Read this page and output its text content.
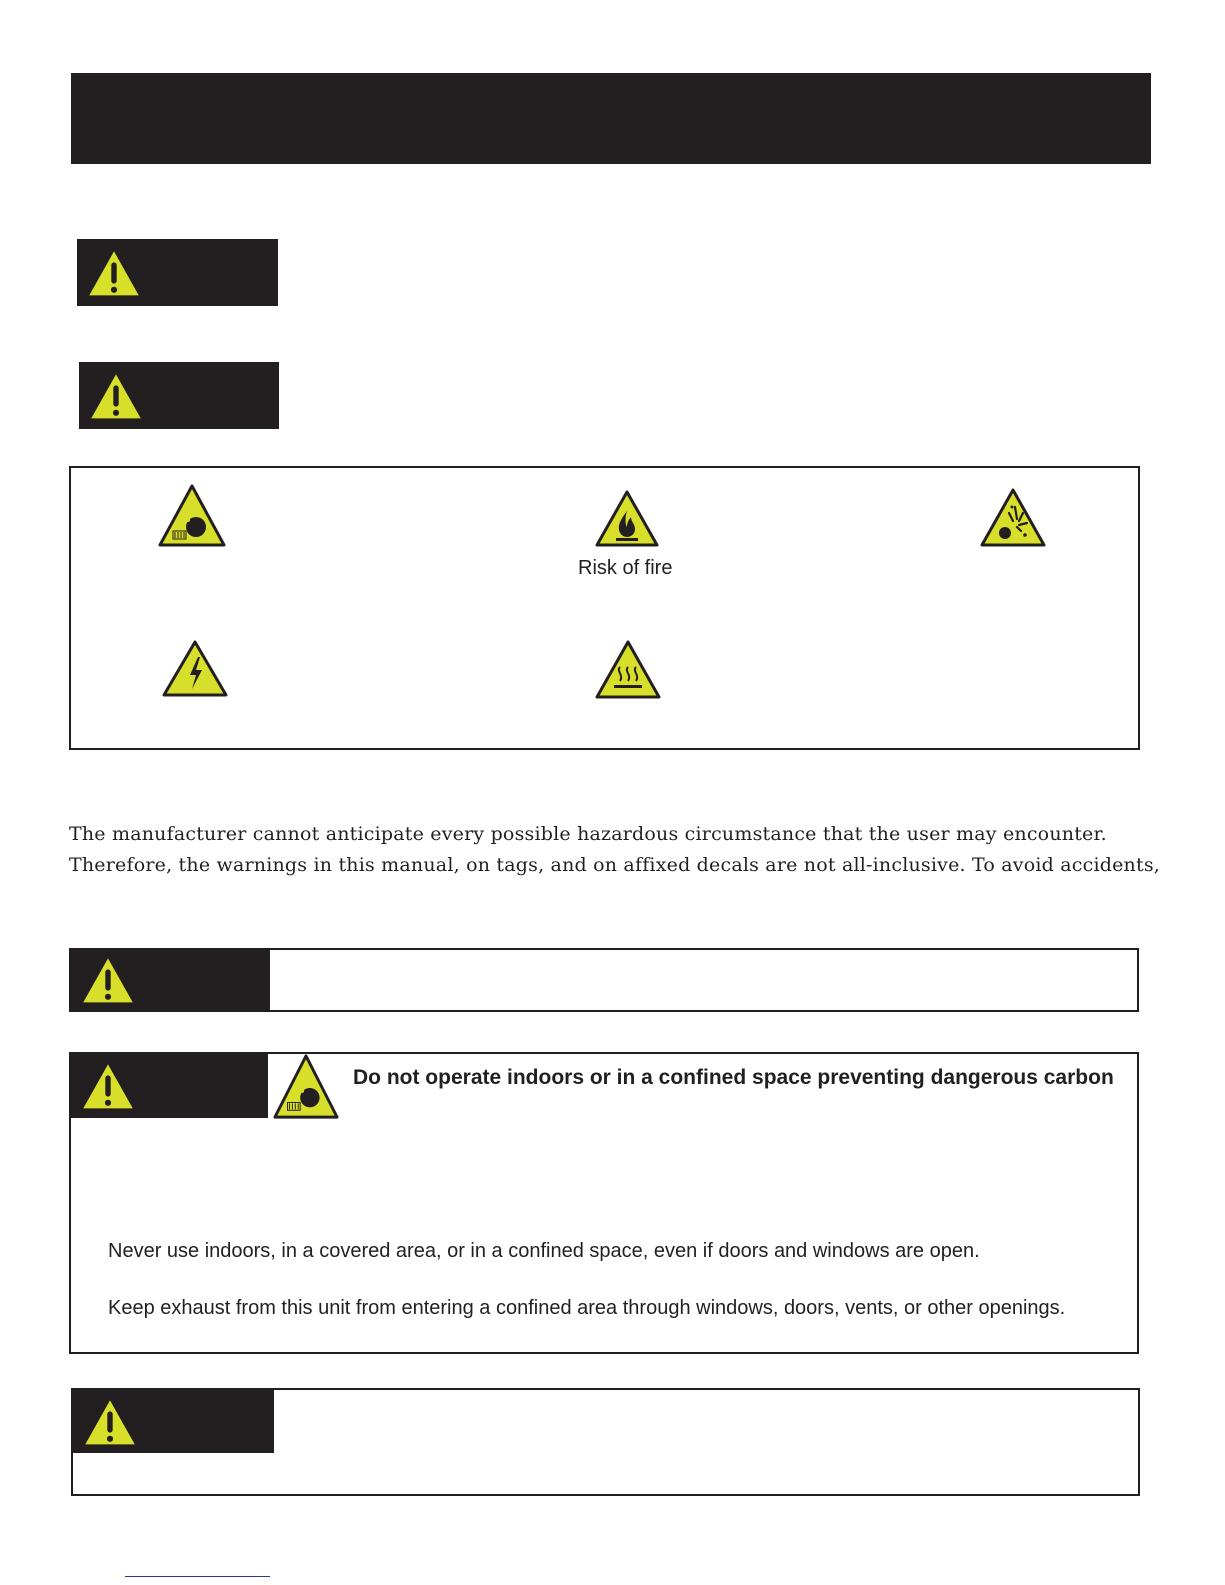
Risk of fire
The manufacturer cannot anticipate every possible hazardous circumstance that the user may encounter.
Therefore, the warnings in this manual, on tags, and on affixed decals are not all-inclusive. To avoid accidents,
Do not operate indoors or in a confined space preventing dangerous carbon
Never use indoors, in a covered area, or in a confined space, even if doors and windows are open.
Keep exhaust from this unit from entering a confined area through windows, doors, vents, or other openings.
